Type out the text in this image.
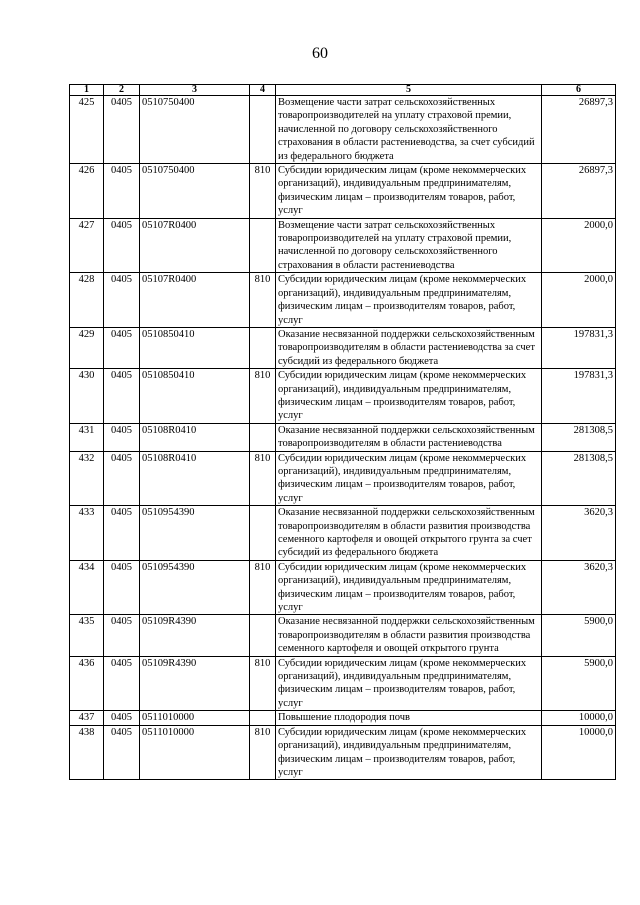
60
1	2	3	4	5	6
425	0405	0510750400		Возмещение части затрат сельскохозяйственных товаропроизводителей на уплату страховой премии, начисленной по договору сельскохозяйственного страхования в области растениеводства, за счет субсидий из федерального бюджета	26897,3
426	0405	0510750400	810	Субсидии юридическим лицам (кроме некоммерческих организаций), индивидуальным предпринимателям, физическим лицам – производителям товаров, работ, услуг	26897,3
427	0405	05107R0400		Возмещение части затрат сельскохозяйственных товаропроизводителей на уплату страховой премии, начисленной по договору сельскохозяйственного страхования в области растениеводства	2000,0
428	0405	05107R0400	810	Субсидии юридическим лицам (кроме некоммерческих организаций), индивидуальным предпринимателям, физическим лицам – производителям товаров, работ, услуг	2000,0
429	0405	0510850410		Оказание несвязанной поддержки сельскохозяйственным товаропроизводителям в области растениеводства за счет субсидий из федерального бюджета	197831,3
430	0405	0510850410	810	Субсидии юридическим лицам (кроме некоммерческих организаций), индивидуальным предпринимателям, физическим лицам – производителям товаров, работ, услуг	197831,3
431	0405	05108R0410		Оказание несвязанной поддержки сельскохозяйственным товаропроизводителям в области растениеводства	281308,5
432	0405	05108R0410	810	Субсидии юридическим лицам (кроме некоммерческих организаций), индивидуальным предпринимателям, физическим лицам – производителям товаров, работ, услуг	281308,5
433	0405	0510954390		Оказание несвязанной поддержки сельскохозяйственным товаропроизводителям в области развития производства семенного картофеля и овощей открытого грунта за счет субсидий из федерального бюджета	3620,3
434	0405	0510954390	810	Субсидии юридическим лицам (кроме некоммерческих организаций), индивидуальным предпринимателям, физическим лицам – производителям товаров, работ, услуг	3620,3
435	0405	05109R4390		Оказание несвязанной поддержки сельскохозяйственным товаропроизводителям в области развития производства семенного картофеля и овощей открытого грунта	5900,0
436	0405	05109R4390	810	Субсидии юридическим лицам (кроме некоммерческих организаций), индивидуальным предпринимателям, физическим лицам – производителям товаров, работ, услуг	5900,0
437	0405	0511010000		Повышение плодородия почв	10000,0
438	0405	0511010000	810	Субсидии юридическим лицам (кроме некоммерческих организаций), индивидуальным предпринимателям, физическим лицам – производителям товаров, работ, услуг	10000,0
